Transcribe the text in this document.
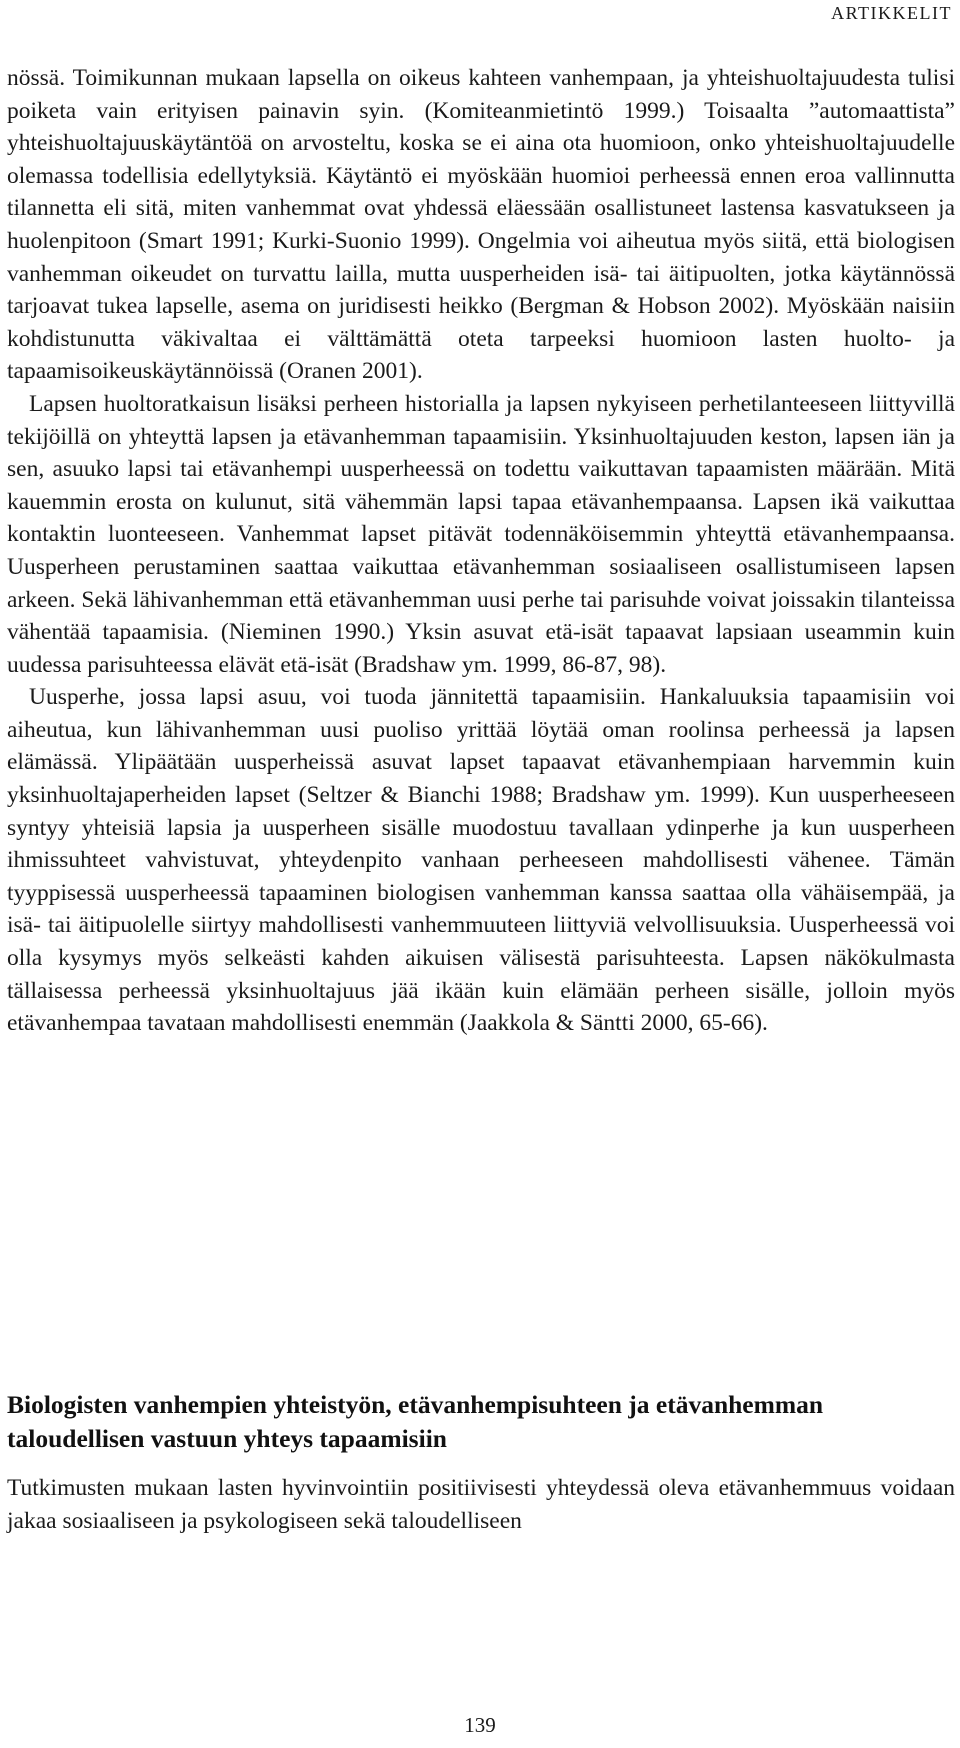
ARTIKKELIT

nössä. Toimikunnan mukaan lapsella on oikeus kahteen vanhempaan, ja yhteishuoltajuudesta tulisi poiketa vain erityisen painavin syin. (Komiteanmietintö 1999.) Toisaalta ”automaattista” yhteishuoltajuuskäytäntöä on arvosteltu, koska se ei aina ota huomioon, onko yhteishuoltajuudelle olemassa todellisia edellytyksiä. Käytäntö ei myöskään huomioi perheessä ennen eroa vallinnutta tilannetta eli sitä, miten vanhemmat ovat yhdessä eläessään osallistuneet lastensa kasvatukseen ja huolenpitoon (Smart 1991; Kurki-Suonio 1999). Ongelmia voi aiheutua myös siitä, että biologisen vanhemman oikeudet on turvattu lailla, mutta uusperheiden isä- tai äitipuolten, jotka käytännössä tarjoavat tukea lapselle, asema on juridisesti heikko (Bergman & Hobson 2002). Myöskään naisiin kohdistunutta väkivaltaa ei välttämättä oteta tarpeeksi huomioon lasten huolto- ja tapaamisoikeuskäytännöissä (Oranen 2001).

Lapsen huoltoratkaisun lisäksi perheen historialla ja lapsen nykyiseen perhetilanteeseen liittyvillä tekijöillä on yhteyttä lapsen ja etävanhemman tapaamisiin. Yksinhuoltajuuden keston, lapsen iän ja sen, asuuko lapsi tai etävanhempi uusperheessä on todettu vaikuttavan tapaamisten määrään. Mitä kauemmin erosta on kulunut, sitä vähemmän lapsi tapaa etävanhempaansa. Lapsen ikä vaikuttaa kontaktin luonteeseen. Vanhemmat lapset pitävät todennäköisemmin yhteyttä etävanhempaansa. Uusperheen perustaminen saattaa vaikuttaa etävanhemman sosiaaliseen osallistumiseen lapsen arkeen. Sekä lähivanhemman että etävanhemman uusi perhe tai parisuhde voivat joissakin tilanteissa vähentää tapaamisia. (Nieminen 1990.) Yksin asuvat etä-isät tapaavat lapsiaan useammin kuin uudessa parisuhteessa elävät etä-isät (Bradshaw ym. 1999, 86-87, 98).

Uusperhe, jossa lapsi asuu, voi tuoda jännitettä tapaamisiin. Hankaluuksia tapaamisiin voi aiheutua, kun lähivanhemman uusi puoliso yrittää löytää oman roolinsa perheessä ja lapsen elämässä. Ylipäätään uusperheissä asuvat lapset tapaavat etävanhempiaan harvemmin kuin yksinhuoltajaperheiden lapset (Seltzer & Bianchi 1988; Bradshaw ym. 1999). Kun uusperheeseen syntyy yhteisiä lapsia ja uusperheen sisälle muodostuu tavallaan ydinperhe ja kun uusperheen ihmissuhteet vahvistuvat, yhteydenpito vanhaan perheeseen mahdollisesti vähenee. Tämän tyyppisessä uusperheessä tapaaminen biologisen vanhemman kanssa saattaa olla vähäisempää, ja isä- tai äitipuolelle siirtyy mahdollisesti vanhemmuuteen liittyviä velvollisuuksia. Uusperheessä voi olla kysymys myös selkeästi kahden aikuisen välisestä parisuhteesta. Lapsen näkökulmasta tällaisessa perheessä yksinhuoltajuus jää ikään kuin elämään perheen sisälle, jolloin myös etävanhempaa tavataan mahdollisesti enemmän (Jaakkola & Säntti 2000, 65-66).

Biologisten vanhempien yhteistyön, etävanhempisuhteen ja etävanhemman taloudellisen vastuun yhteys tapaamisiin

Tutkimusten mukaan lasten hyvinvointiin positiivisesti yhteydessä oleva etävanhemmuus voidaan jakaa sosiaaliseen ja psykologiseen sekä taloudelliseen

139
